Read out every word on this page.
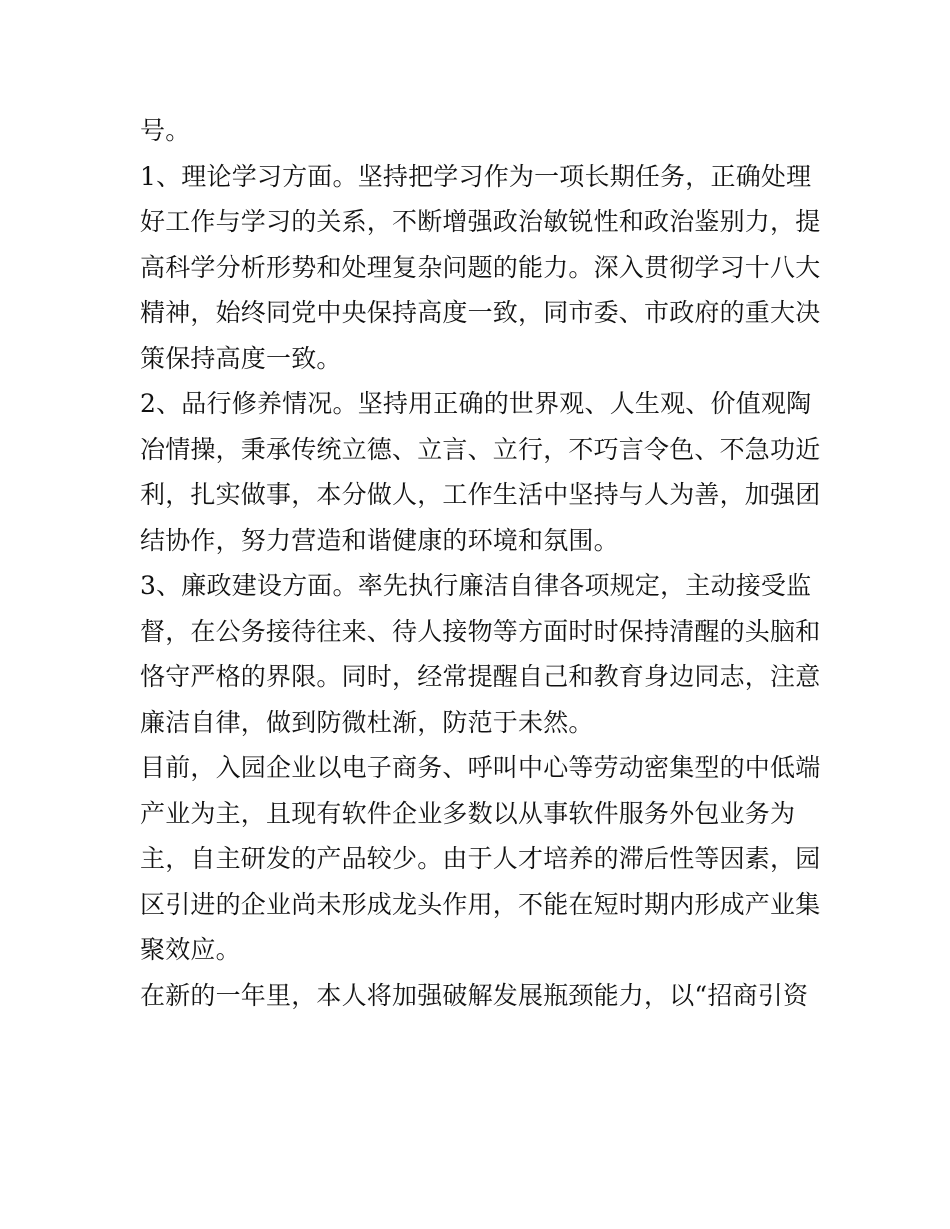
号。
1、理论学习方面。坚持把学习作为一项长期任务，正确处理
好工作与学习的关系，不断增强政治敏锐性和政治鉴别力，提
高科学分析形势和处理复杂问题的能力。深入贯彻学习十八大
精神，始终同党中央保持高度一致，同市委、市政府的重大决
策保持高度一致。
2、品行修养情况。坚持用正确的世界观、人生观、价值观陶
冶情操，秉承传统立德、立言、立行，不巧言令色、不急功近
利，扎实做事，本分做人，工作生活中坚持与人为善，加强团
结协作，努力营造和谐健康的环境和氛围。
3、廉政建设方面。率先执行廉洁自律各项规定，主动接受监
督，在公务接待往来、待人接物等方面时时保持清醒的头脑和
恪守严格的界限。同时，经常提醒自己和教育身边同志，注意
廉洁自律，做到防微杜渐，防范于未然。
目前，入园企业以电子商务、呼叫中心等劳动密集型的中低端
产业为主，且现有软件企业多数以从事软件服务外包业务为
主，自主研发的产品较少。由于人才培养的滞后性等因素，园
区引进的企业尚未形成龙头作用，不能在短时期内形成产业集
聚效应。
在新的一年里，本人将加强破解发展瓶颈能力，以“招商引资
